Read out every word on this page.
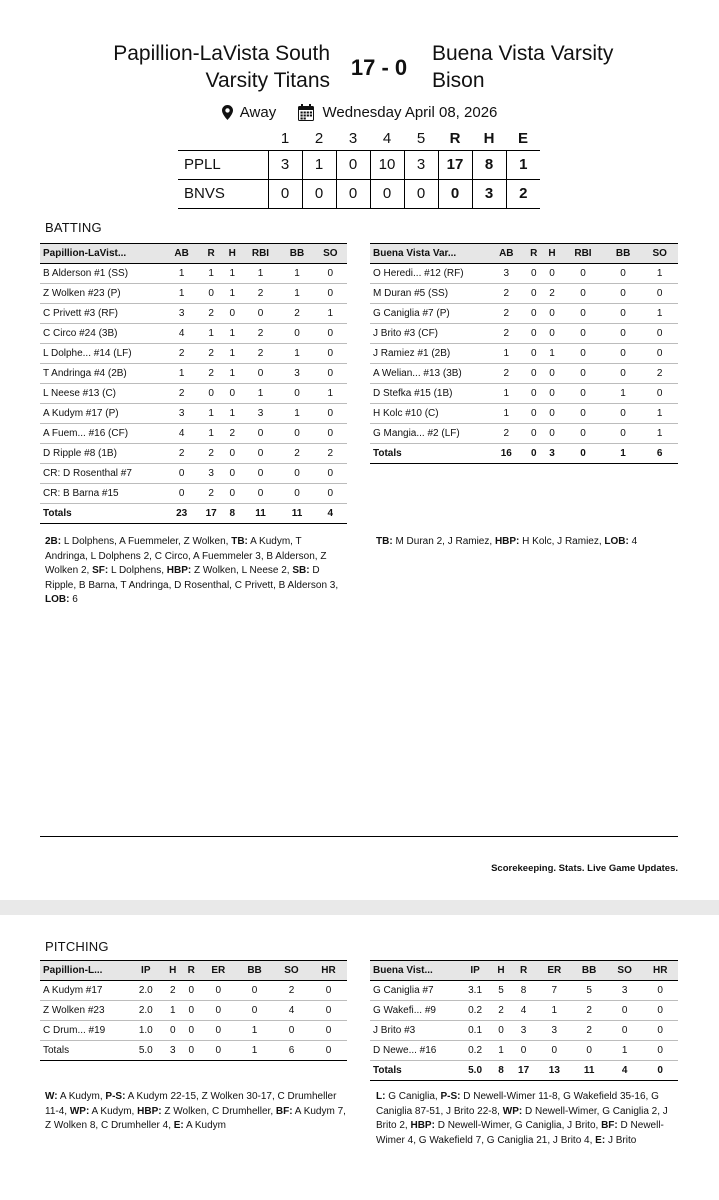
Papillion-LaVista South
Varsity Titans
17 - 0
Buena Vista Varsity
Bison
Away	Wednesday April 08, 2026
	1	2	3	4	5	R	H	E
PPLL	3	1	0	10	3	17	8	1
BNVS	0	0	0	0	0	0	3	2
BATTING
Papillion-LaVist...	AB	R	H	RBI	BB	SO
B Alderson #1 (SS)	1	1	1	1	1	0
Z Wolken #23 (P)	1	0	1	2	1	0
C Privett #3 (RF)	3	2	0	0	2	1
C Circo #24 (3B)	4	1	1	2	0	0
L Dolphe... #14 (LF)	2	2	1	2	1	0
T Andringa #4 (2B)	1	2	1	0	3	0
L Neese #13 (C)	2	0	0	1	0	1
A Kudym #17 (P)	3	1	1	3	1	0
A Fuem... #16 (CF)	4	1	2	0	0	0
D Ripple #8 (1B)	2	2	0	0	2	2
CR: D Rosenthal #7	0	3	0	0	0	0
CR: B Barna #15	0	2	0	0	0	0
Totals	23	17	8	11	11	4
Buena Vista Var...	AB	R	H	RBI	BB	SO
O Heredi... #12 (RF)	3	0	0	0	0	1
M Duran #5 (SS)	2	0	2	0	0	0
G Caniglia #7 (P)	2	0	0	0	0	1
J Brito #3 (CF)	2	0	0	0	0	0
J Ramiez #1 (2B)	1	0	1	0	0	0
A Welian... #13 (3B)	2	0	0	0	0	2
D Stefka #15 (1B)	1	0	0	0	1	0
H Kolc #10 (C)	1	0	0	0	0	1
G Mangia... #2 (LF)	2	0	0	0	0	1
Totals	16	0	3	0	1	6
2B: L Dolphens, A Fuemmeler, Z Wolken, TB: A Kudym, T Andringa, L Dolphens 2, C Circo, A Fuemmeler 3, B Alderson, Z Wolken 2, SF: L Dolphens, HBP: Z Wolken, L Neese 2, SB: D Ripple, B Barna, T Andringa, D Rosenthal, C Privett, B Alderson 3, LOB: 6
TB: M Duran 2, J Ramiez, HBP: H Kolc, J Ramiez, LOB: 4
Scorekeeping. Stats. Live Game Updates.
PITCHING
Papillion-L...	IP	H	R	ER	BB	SO	HR
A Kudym #17	2.0	2	0	0	0	2	0
Z Wolken #23	2.0	1	0	0	0	4	0
C Drum... #19	1.0	0	0	0	1	0	0
Totals	5.0	3	0	0	1	6	0
Buena Vist...	IP	H	R	ER	BB	SO	HR
G Caniglia #7	3.1	5	8	7	5	3	0
G Wakefi... #9	0.2	2	4	1	2	0	0
J Brito #3	0.1	0	3	3	2	0	0
D Newe... #16	0.2	1	0	0	0	1	0
Totals	5.0	8	17	13	11	4	0
W: A Kudym, P-S: A Kudym 22-15, Z Wolken 30-17, C Drumheller 11-4, WP: A Kudym, HBP: Z Wolken, C Drumheller, BF: A Kudym 7, Z Wolken 8, C Drumheller 4, E: A Kudym
L: G Caniglia, P-S: D Newell-Wimer 11-8, G Wakefield 35-16, G Caniglia 87-51, J Brito 22-8, WP: D Newell-Wimer, G Caniglia 2, J Brito 2, HBP: D Newell-Wimer, G Caniglia, J Brito, BF: D Newell-Wimer 4, G Wakefield 7, G Caniglia 21, J Brito 4, E: J Brito
